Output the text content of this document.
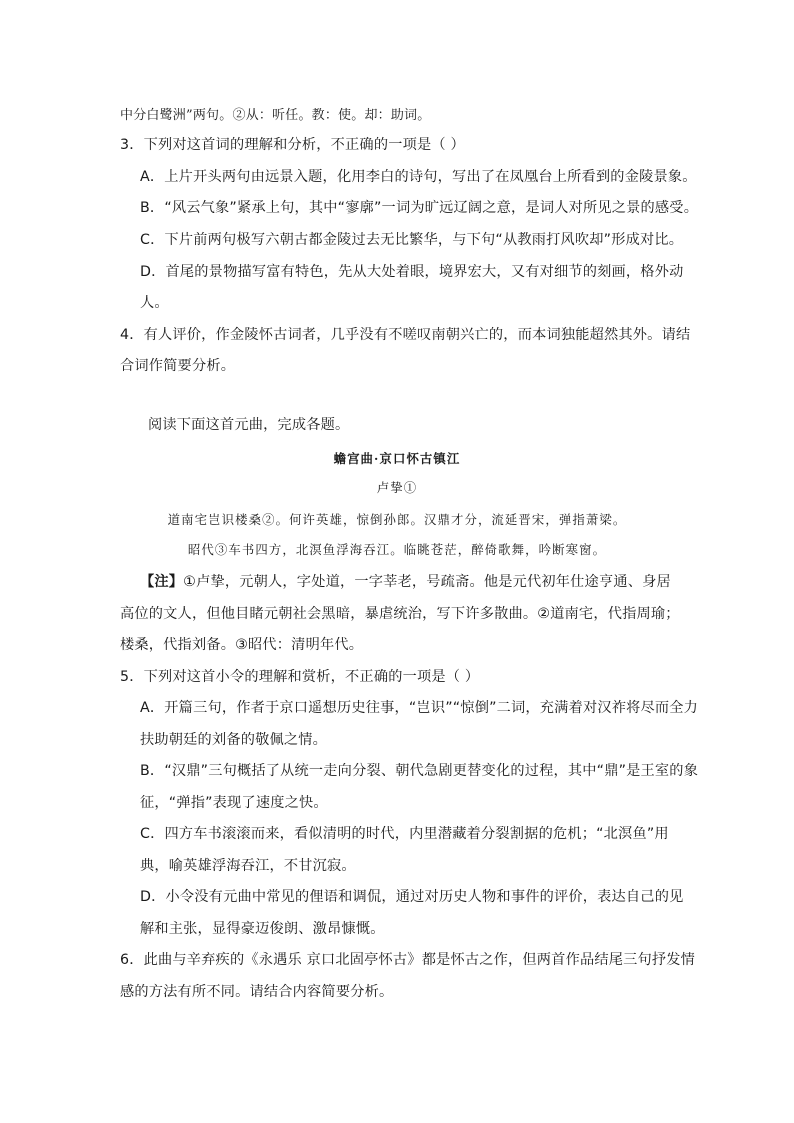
中分白鹭洲”两句。②从：听任。教：使。却：助词。

3．下列对这首词的理解和分析，不正确的一项是（ ）

A．上片开头两句由远景入题，化用李白的诗句，写出了在凤凰台上所看到的金陵景象。

B．“风云气象”紧承上句，其中“寥廓”一词为旷远辽阔之意，是词人对所见之景的感受。

C．下片前两句极写六朝古都金陵过去无比繁华，与下句“从教雨打风吹却”形成对比。

D．首尾的景物描写富有特色，先从大处着眼，境界宏大，又有对细节的刻画，格外动

人。

4．有人评价，作金陵怀古词者，几乎没有不嗟叹南朝兴亡的，而本词独能超然其外。请结

合词作简要分析。

阅读下面这首元曲，完成各题。

蟾宫曲·京口怀古镇江

卢挚①

道南宅岂识楼桑②。何许英雄，惊倒孙郎。汉鼎才分，流延晋宋，弹指萧梁。

昭代③车书四方，北溟鱼浮海吞江。临眺苍茫，醉倚歌舞，吟断寒窗。

【注】①卢挚，元朝人，字处道，一字莘老，号疏斋。他是元代初年仕途亨通、身居

高位的文人，但他目睹元朝社会黑暗，暴虐统治，写下许多散曲。②道南宅，代指周瑜；

楼桑，代指刘备。③昭代：清明年代。

5．下列对这首小令的理解和赏析，不正确的一项是（ ）

A．开篇三句，作者于京口遥想历史往事，“岂识”“惊倒”二词，充满着对汉祚将尽而全力

扶助朝廷的刘备的敬佩之情。

B．“汉鼎”三句概括了从统一走向分裂、朝代急剧更替变化的过程，其中“鼎”是王室的象

征，“弹指”表现了速度之快。

C．四方车书滚滚而来，看似清明的时代，内里潜藏着分裂割据的危机；“北溟鱼”用

典，喻英雄浮海吞江，不甘沉寂。

D．小令没有元曲中常见的俚语和调侃，通过对历史人物和事件的评价，表达自己的见

解和主张，显得豪迈俊朗、激昂慷慨。

6．此曲与辛弃疾的《永遇乐 京口北固亭怀古》都是怀古之作，但两首作品结尾三句抒发情

感的方法有所不同。请结合内容简要分析。
